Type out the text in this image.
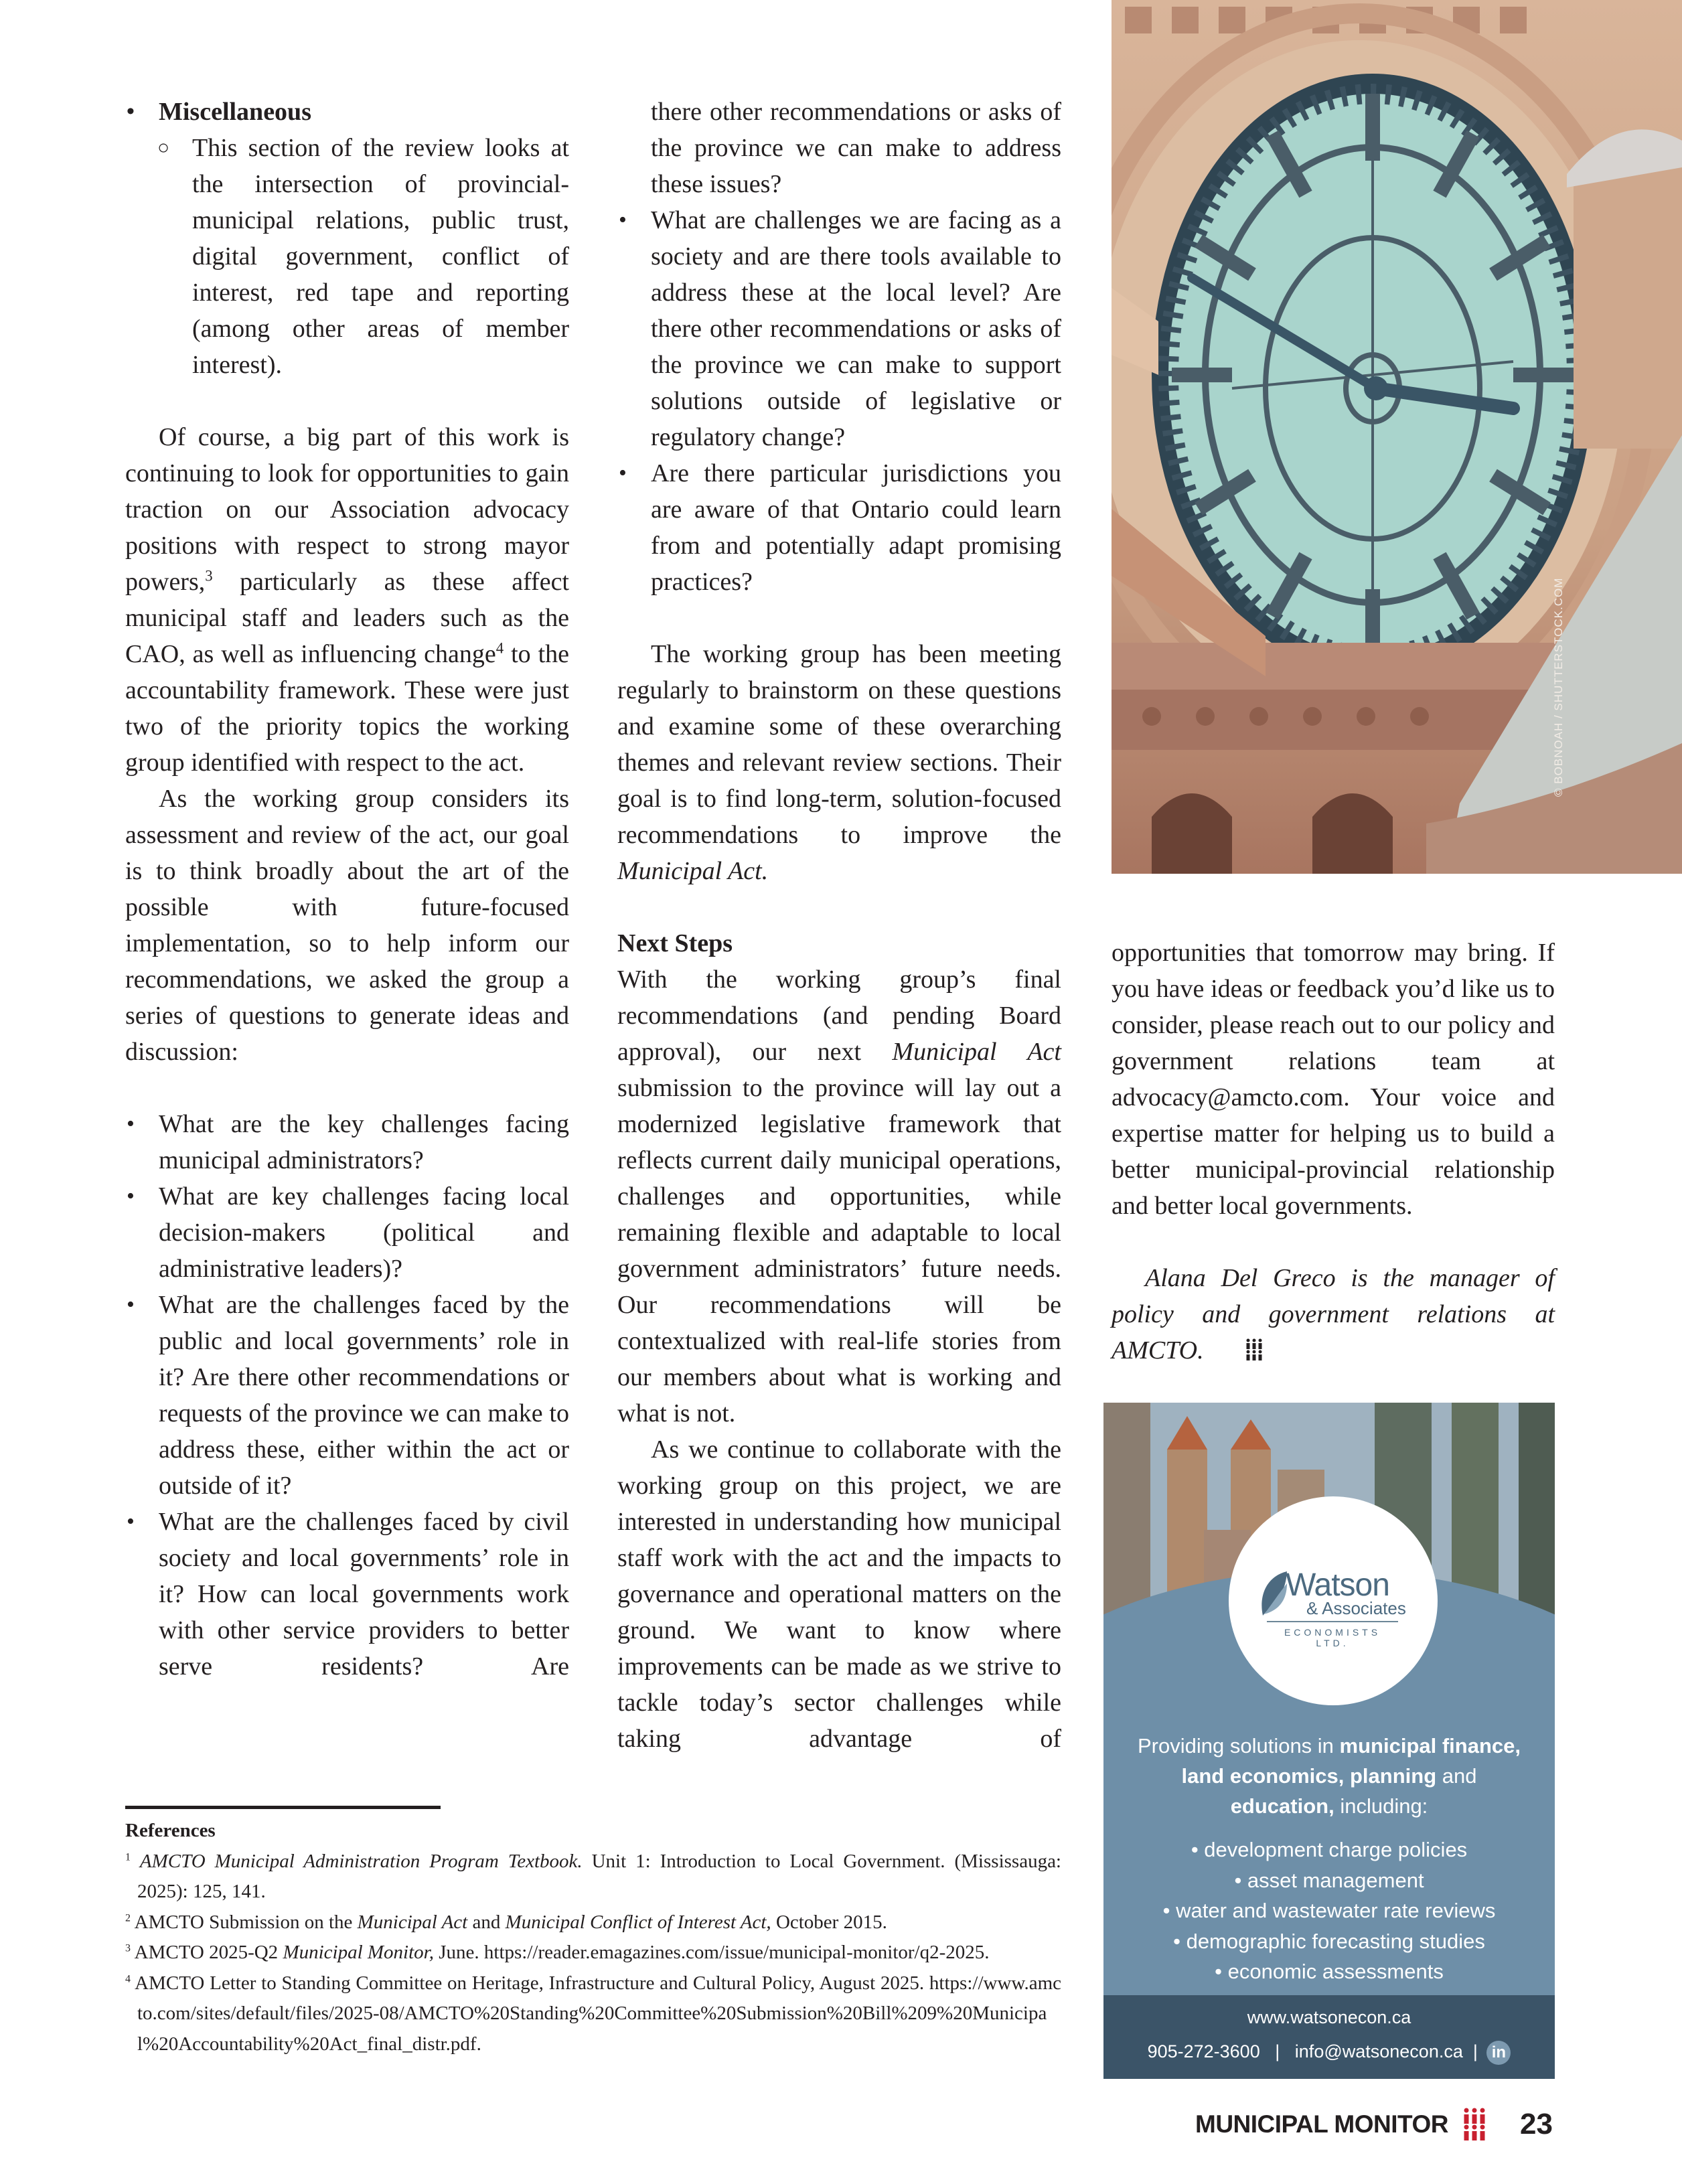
© BOBNOAH / SHUTTERSTOCK.COM

• Miscellaneous

○ This section of the review looks at the intersection of provincial-municipal relations, public trust, digital government, conflict of interest, red tape and reporting (among other areas of member interest).

Of course, a big part of this work is continuing to look for opportunities to gain traction on our Association advocacy positions with respect to strong mayor powers,$^3$ particularly as these affect municipal staff and leaders such as the CAO, as well as influencing change$^4$ to the accountability framework. These were just two of the priority topics the working group identified with respect to the act.

As the working group considers its assessment and review of the act, our goal is to think broadly about the art of the possible with future-focused implementation, so to help inform our recommendations, we asked the group a series of questions to generate ideas and discussion:

• What are the key challenges facing municipal administrators?

• What are key challenges facing local decision-makers (political and administrative leaders)?

• What are the challenges faced by the public and local governments’ role in it? Are there other recommendations or requests of the province we can make to address these, either within the act or outside of it?

• What are the challenges faced by civil society and local governments’ role in it? How can local governments work with other service providers to better serve residents? Are

there other recommendations or asks of the province we can make to address these issues?

• What are challenges we are facing as a society and are there tools available to address these at the local level? Are there other recommendations or asks of the province we can make to support solutions outside of legislative or regulatory change?

• Are there particular jurisdictions you are aware of that Ontario could learn from and potentially adapt promising practices?

The working group has been meeting regularly to brainstorm on these questions and examine some of these overarching themes and relevant review sections. Their goal is to find long-term, solution-focused recommendations to improve the Municipal Act.

Next Steps

With the working group’s final recommendations (and pending Board approval), our next Municipal Act submission to the province will lay out a modernized legislative framework that reflects current daily municipal operations, challenges and opportunities, while remaining flexible and adaptable to local government administrators’ future needs. Our recommendations will be contextualized with real-life stories from our members about what is working and what is not.

As we continue to collaborate with the working group on this project, we are interested in understanding how municipal staff work with the act and the impacts to governance and operational matters on the ground. We want to know where improvements can be made as we strive to tackle today’s sector challenges while taking advantage of

opportunities that tomorrow may bring. If you have ideas or feedback you’d like us to consider, please reach out to our policy and government relations team at advocacy@amcto.com. Your voice and expertise matter for helping us to build a better municipal-provincial relationship and better local governments.

Alana Del Greco is the manager of policy and government relations at AMCTO.

Watson
& Associates
ECONOMISTS LTD.
Providing solutions in municipal finance,
land economics, planning and
education, including:
• development charge policies
• asset management
• water and wastewater rate reviews
• demographic forecasting studies
• economic assessments
www.watsonecon.ca
905-272-3600 | info@watsonecon.ca | in
References
$^1$ AMCTO Municipal Administration Program Textbook. Unit 1: Introduction to Local Government. (Mississauga: 2025): 125, 141.
$^2$ AMCTO Submission on the Municipal Act and Municipal Conflict of Interest Act, October 2015.
$^3$ AMCTO 2025-Q2 Municipal Monitor, June. https://reader.emagazines.com/issue/municipal-monitor/q2-2025.
$^4$ AMCTO Letter to Standing Committee on Heritage, Infrastructure and Cultural Policy, August 2025. https://www.amcto.com/sites/default/files/2025-08/AMCTO%20Standing%20Committee%20Submission%20Bill%209%20Municipal%20Accountability%20Act_final_distr.pdf.
MUNICIPAL MONITOR 23
